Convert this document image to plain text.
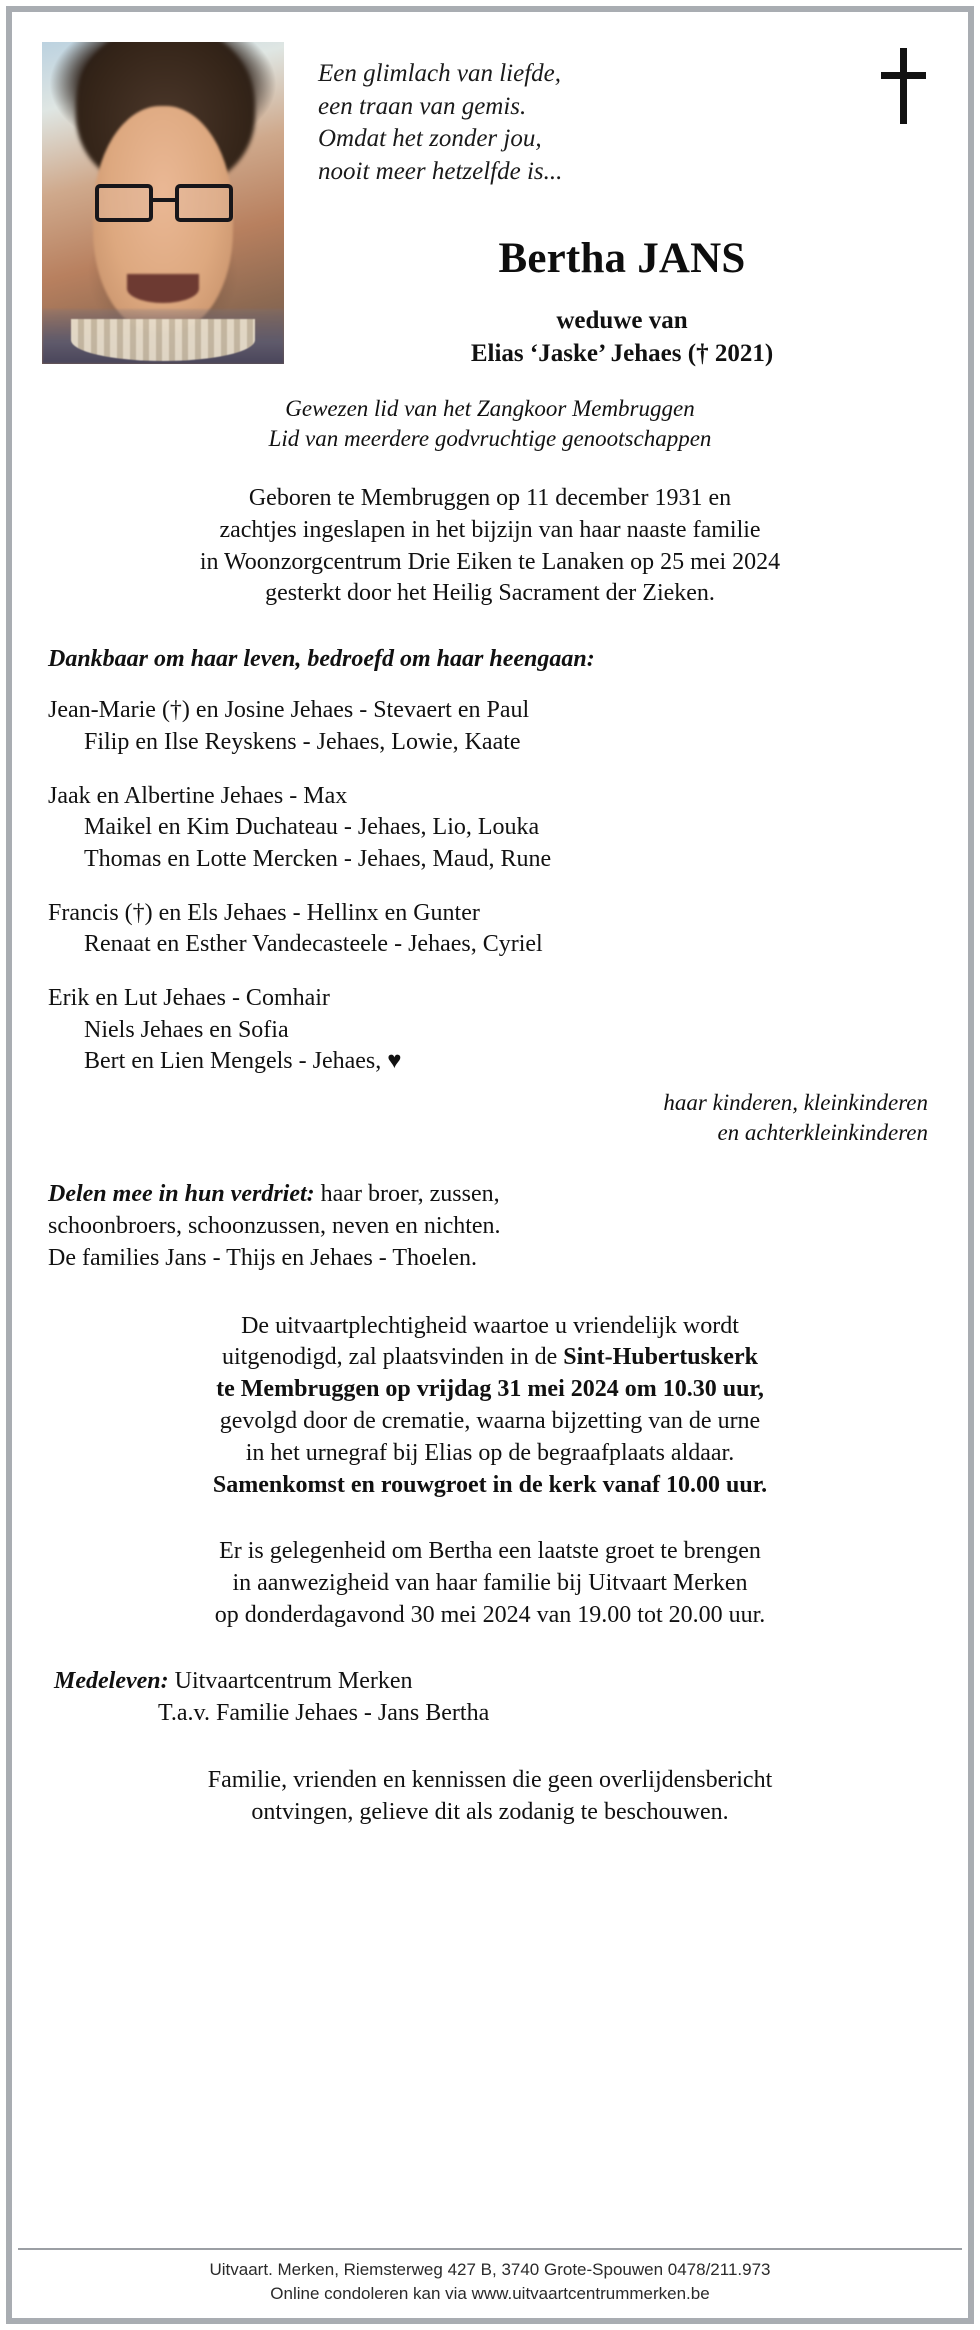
Een glimlach van liefde,
een traan van gemis.
Omdat het zonder jou,
nooit meer hetzelfde is...
Bertha JANS
weduwe van
Elias ‘Jaske’ Jehaes († 2021)
Gewezen lid van het Zangkoor Membruggen
Lid van meerdere godvruchtige genootschappen
Geboren te Membruggen op 11 december 1931 en
zachtjes ingeslapen in het bijzijn van haar naaste familie
in Woonzorgcentrum Drie Eiken te Lanaken op 25 mei 2024
gesterkt door het Heilig Sacrament der Zieken.
Dankbaar om haar leven, bedroefd om haar heengaan:
Jean-Marie (†) en Josine Jehaes - Stevaert en Paul
Filip en Ilse Reyskens - Jehaes, Lowie, Kaate
Jaak en Albertine Jehaes - Max
Maikel en Kim Duchateau - Jehaes, Lio, Louka
Thomas en Lotte Mercken - Jehaes, Maud, Rune
Francis (†) en Els Jehaes - Hellinx en Gunter
Renaat en Esther Vandecasteele - Jehaes, Cyriel
Erik en Lut Jehaes - Comhair
Niels Jehaes en Sofia
Bert en Lien Mengels - Jehaes, ♥
haar kinderen, kleinkinderen
en achterkleinkinderen
Delen mee in hun verdriet: haar broer, zussen,
schoonbroers, schoonzussen, neven en nichten.
De families Jans - Thijs en Jehaes - Thoelen.
De uitvaartplechtigheid waartoe u vriendelijk wordt
uitgenodigd, zal plaatsvinden in de Sint-Hubertuskerk
te Membruggen op vrijdag 31 mei 2024 om 10.30 uur,
gevolgd door de crematie, waarna bijzetting van de urne
in het urnegraf bij Elias op de begraafplaats aldaar.
Samenkomst en rouwgroet in de kerk vanaf 10.00 uur.
Er is gelegenheid om Bertha een laatste groet te brengen
in aanwezigheid van haar familie bij Uitvaart Merken
op donderdagavond 30 mei 2024 van 19.00 tot 20.00 uur.
Medeleven: Uitvaartcentrum Merken
T.a.v. Familie Jehaes - Jans Bertha
Familie, vrienden en kennissen die geen overlijdensbericht
ontvingen, gelieve dit als zodanig te beschouwen.
Uitvaart. Merken, Riemsterweg 427 B, 3740 Grote-Spouwen 0478/211.973
Online condoleren kan via www.uitvaartcentrummerken.be
